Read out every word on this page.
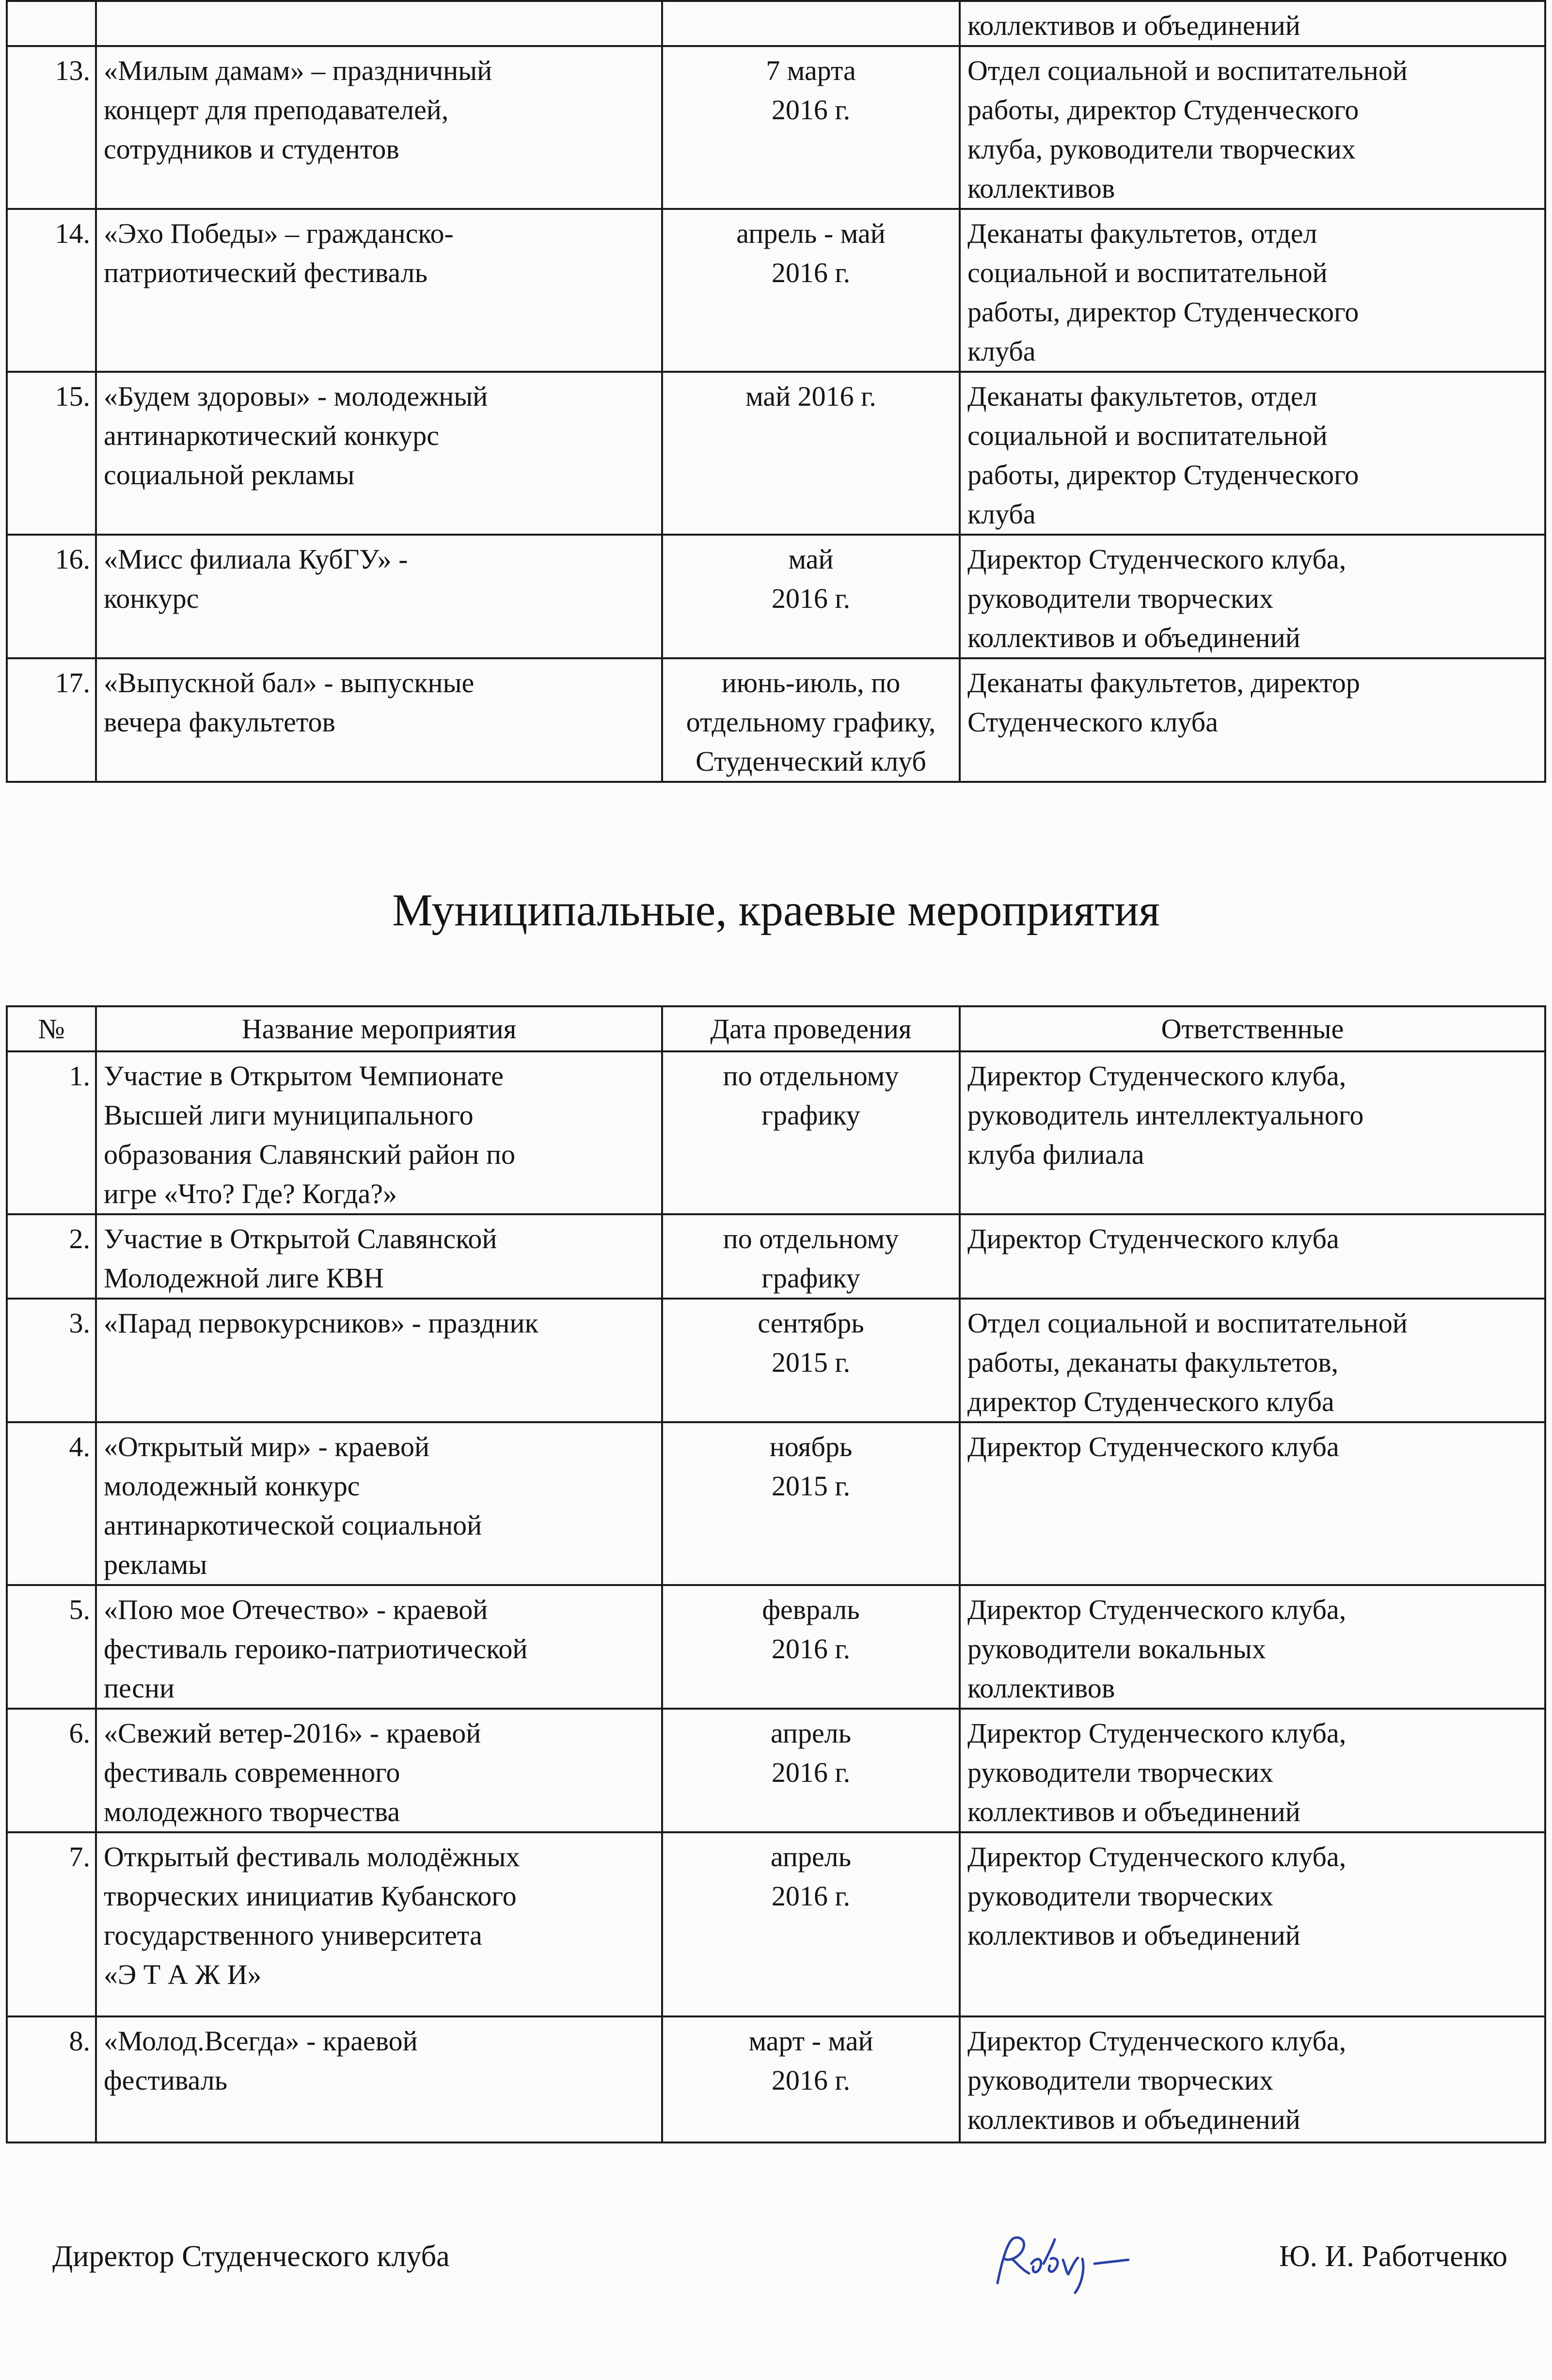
			коллективов и объединений
13.	«Милым дамам» – праздничный
концерт для преподавателей,
сотрудников и студентов	7 марта
2016 г.	Отдел социальной и воспитательной
работы, директор Студенческого
клуба, руководители творческих
коллективов
14.	«Эхо Победы» – гражданско-
патриотический фестиваль	апрель - май
2016 г.	Деканаты факультетов, отдел
социальной и воспитательной
работы, директор Студенческого
клуба
15.	«Будем здоровы» - молодежный
антинаркотический конкурс
социальной рекламы	май 2016 г.	Деканаты факультетов, отдел
социальной и воспитательной
работы, директор Студенческого
клуба
16.	«Мисс филиала КубГУ» -
конкурс	май
2016 г.	Директор Студенческого клуба,
руководители творческих
коллективов и объединений
17.	«Выпускной бал» - выпускные
вечера факультетов	июнь-июль, по
отдельному графику,
Студенческий клуб	Деканаты факультетов, директор
Студенческого клуба
Муниципальные, краевые мероприятия
№	Название мероприятия	Дата проведения	Ответственные
1.	Участие в Открытом Чемпионате
Высшей лиги муниципального
образования Славянский район по
игре «Что? Где? Когда?»	по отдельному
графику	Директор Студенческого клуба,
руководитель интеллектуального
клуба филиала
2.	Участие в Открытой Славянской
Молодежной лиге КВН	по отдельному
графику	Директор Студенческого клуба
3.	«Парад первокурсников» - праздник	сентябрь
2015 г.	Отдел социальной и воспитательной
работы, деканаты факультетов,
директор Студенческого клуба
4.	«Открытый мир» - краевой
молодежный конкурс
антинаркотической социальной
рекламы	ноябрь
2015 г.	Директор Студенческого клуба
5.	«Пою мое Отечество» - краевой
фестиваль героико-патриотической
песни	февраль
2016 г.	Директор Студенческого клуба,
руководители вокальных
коллективов
6.	«Свежий ветер-2016» - краевой
фестиваль современного
молодежного творчества	апрель
2016 г.	Директор Студенческого клуба,
руководители творческих
коллективов и объединений
7.	Открытый фестиваль молодёжных
творческих инициатив Кубанского
государственного университета
«Э Т А Ж И»	апрель
2016 г.	Директор Студенческого клуба,
руководители творческих
коллективов и объединений
8.	«Молод.Всегда» - краевой
фестиваль	март - май
2016 г.	Директор Студенческого клуба,
руководители творческих
коллективов и объединений
Директор Студенческого клуба	Ю. И. Работченко
